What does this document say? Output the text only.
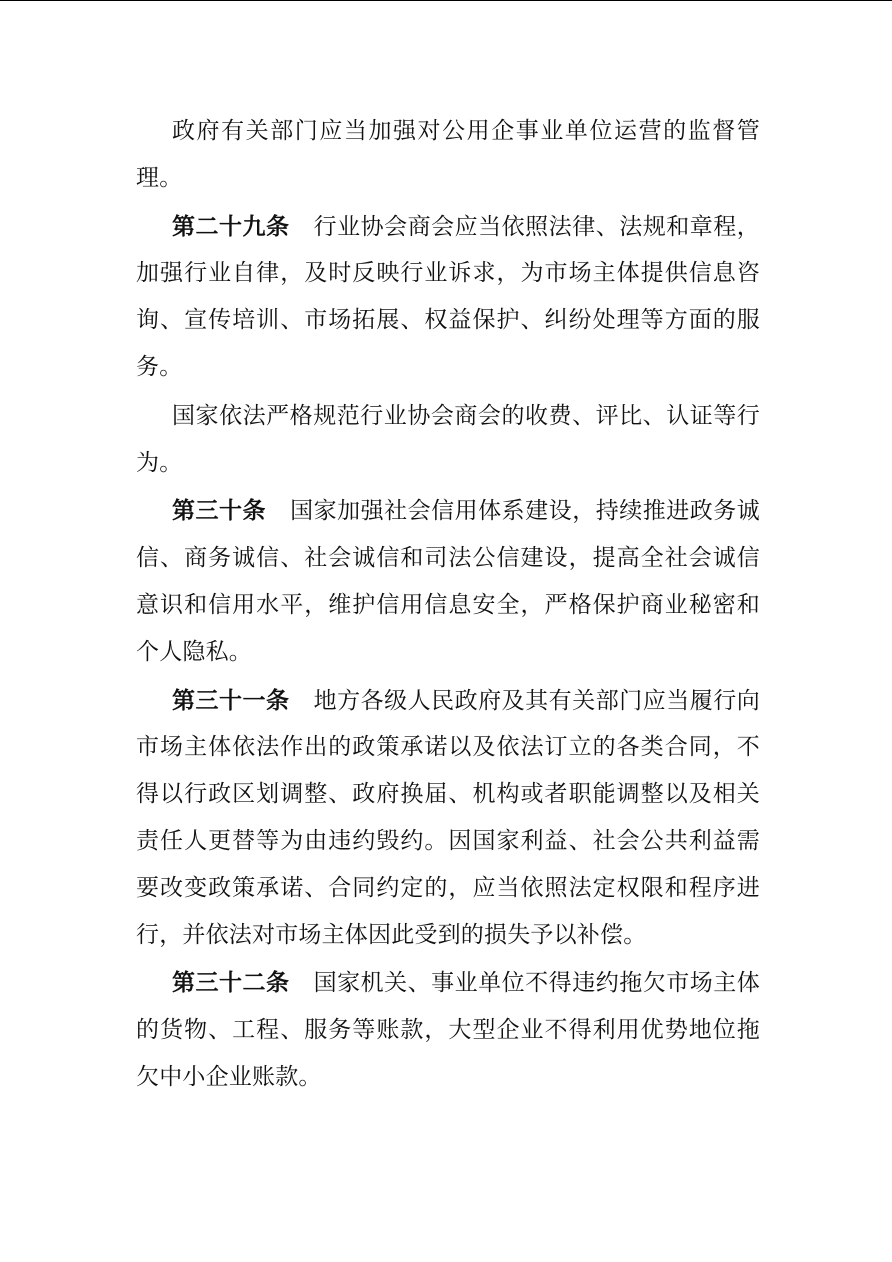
政府有关部门应当加强对公用企事业单位运营的监督管理。

第二十九条 行业协会商会应当依照法律、法规和章程，加强行业自律，及时反映行业诉求，为市场主体提供信息咨询、宣传培训、市场拓展、权益保护、纠纷处理等方面的服务。

国家依法严格规范行业协会商会的收费、评比、认证等行为。

第三十条 国家加强社会信用体系建设，持续推进政务诚信、商务诚信、社会诚信和司法公信建设，提高全社会诚信意识和信用水平，维护信用信息安全，严格保护商业秘密和个人隐私。

第三十一条 地方各级人民政府及其有关部门应当履行向市场主体依法作出的政策承诺以及依法订立的各类合同，不得以行政区划调整、政府换届、机构或者职能调整以及相关责任人更替等为由违约毁约。因国家利益、社会公共利益需要改变政策承诺、合同约定的，应当依照法定权限和程序进行，并依法对市场主体因此受到的损失予以补偿。

第三十二条 国家机关、事业单位不得违约拖欠市场主体的货物、工程、服务等账款，大型企业不得利用优势地位拖欠中小企业账款。
